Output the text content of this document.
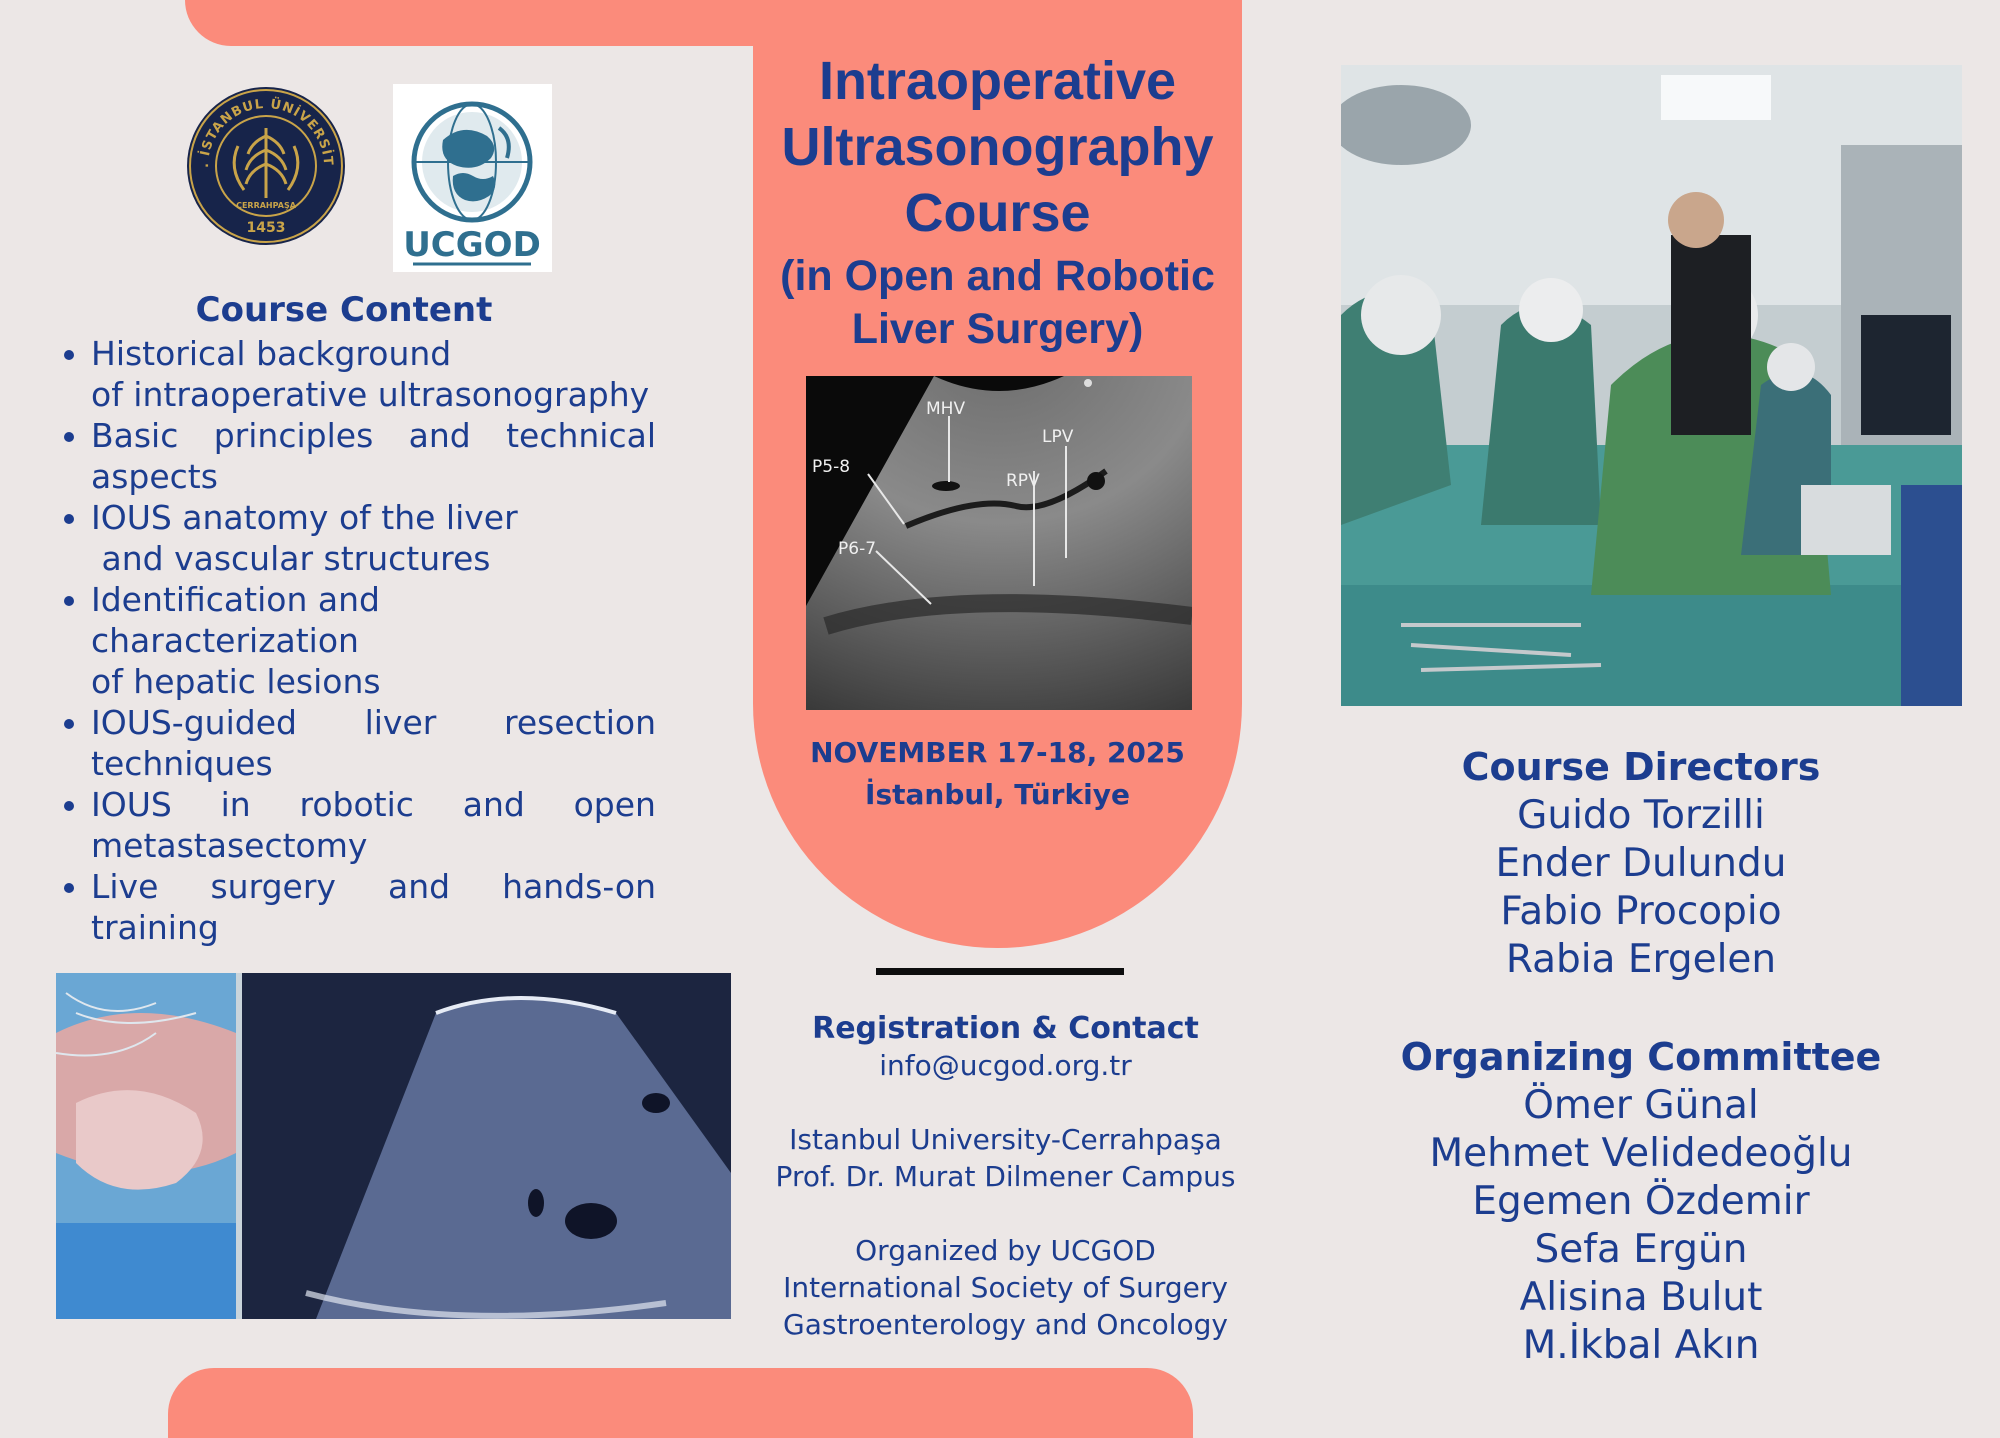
. İSTANBUL ÜNİVERSİT
CERRAHPAŞA
1453	UCGOD
Course Content
• Historical background
of intraoperative ultrasonography
• Basic principles and technical
aspects
• IOUS anatomy of the liver
and vascular structures
• Identification and characterization
of hepatic lesions
• IOUS-guided liver resection
techniques
• IOUS in robotic and open
metastasectomy
• Live surgery and hands-on
training
Intraoperative
Ultrasonography
Course
(in Open and Robotic
Liver Surgery)
MHV
LPV
P5-8
RPV
P6-7
NOVEMBER 17-18, 2025
İstanbul, Türkiye
Registration & Contact
info@ucgod.org.tr
Istanbul University-Cerrahpaşa
Prof. Dr. Murat Dilmener Campus
Organized by UCGOD
International Society of Surgery
Gastroenterology and Oncology
Course Directors
Guido Torzilli
Ender Dulundu
Fabio Procopio
Rabia Ergelen
Organizing Committee
Ömer Günal
Mehmet Velidedeoğlu
Egemen Özdemir
Sefa Ergün
Alisina Bulut
M.İkbal Akın
